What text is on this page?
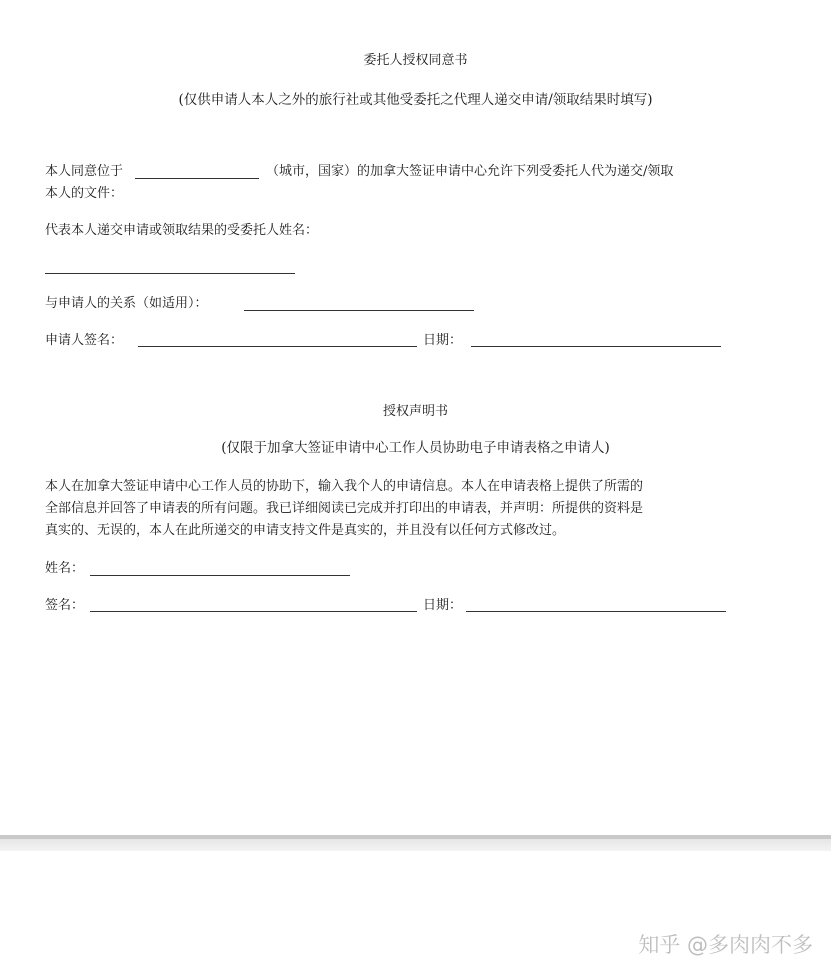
委托人授权同意书
(仅供申请人本人之外的旅行社或其他受委托之代理人递交申请/领取结果时填写)
本人同意位于	（城市，国家）的加拿大签证申请中心允许下列受委托人代为递交/领取
本人的文件：
代表本人递交申请或领取结果的受委托人姓名：
与申请人的关系（如适用）：
申请人签名：	日期：
授权声明书
(仅限于加拿大签证申请中心工作人员协助电子申请表格之申请人)
本人在加拿大签证申请中心工作人员的协助下，输入我个人的申请信息。本人在申请表格上提供了所需的
全部信息并回答了申请表的所有问题。我已详细阅读已完成并打印出的申请表，并声明：所提供的资料是
真实的、无误的，本人在此所递交的申请支持文件是真实的，并且没有以任何方式修改过。
姓名：
签名：	日期：
知乎 @多肉肉不多
